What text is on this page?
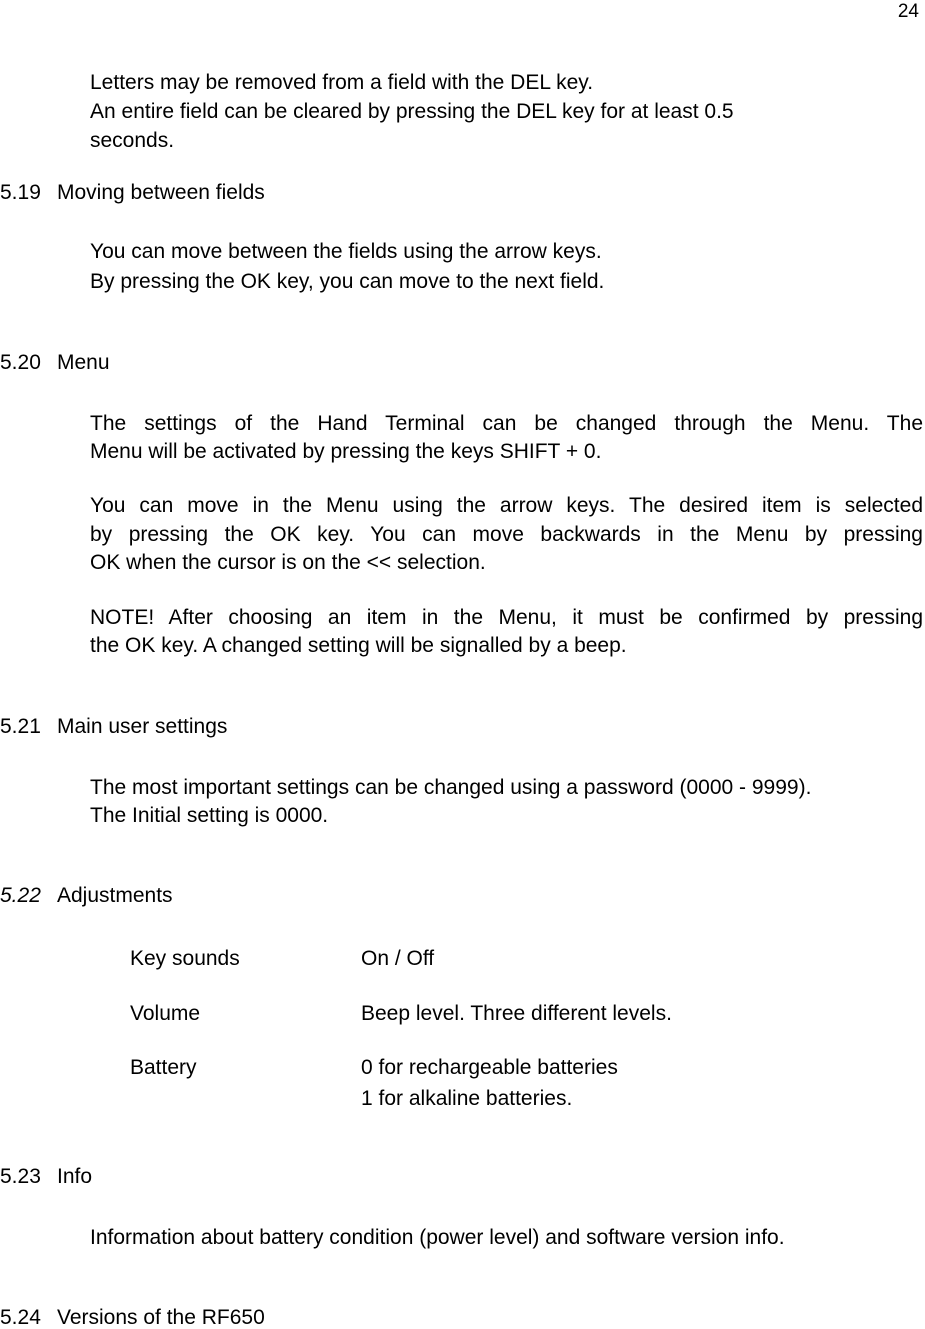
24
Letters may be removed from a field with the DEL key.
An entire field can be cleared by pressing the DEL key for at least 0.5
seconds.
5.19 Moving between fields
You can move between the fields using the arrow keys.
By pressing the OK key, you can move to the next field.
5.20 Menu
The settings of the Hand Terminal can be changed through the Menu. The
Menu will be activated by pressing the keys SHIFT + 0.
You can move in the Menu using the arrow keys. The desired item is selected
by pressing the OK key. You can move backwards in the Menu by pressing
OK when the cursor is on the << selection.
NOTE! After choosing an item in the Menu, it must be confirmed by pressing
the OK key. A changed setting will be signalled by a beep.
5.21 Main user settings
The most important settings can be changed using a password (0000 - 9999).
The Initial setting is 0000.
5.22 Adjustments
Key sounds	On / Off
Volume	Beep level. Three different levels.
Battery	0 for rechargeable batteries
1 for alkaline batteries.
5.23 Info
Information about battery condition (power level) and software version info.
5.24 Versions of the RF650
